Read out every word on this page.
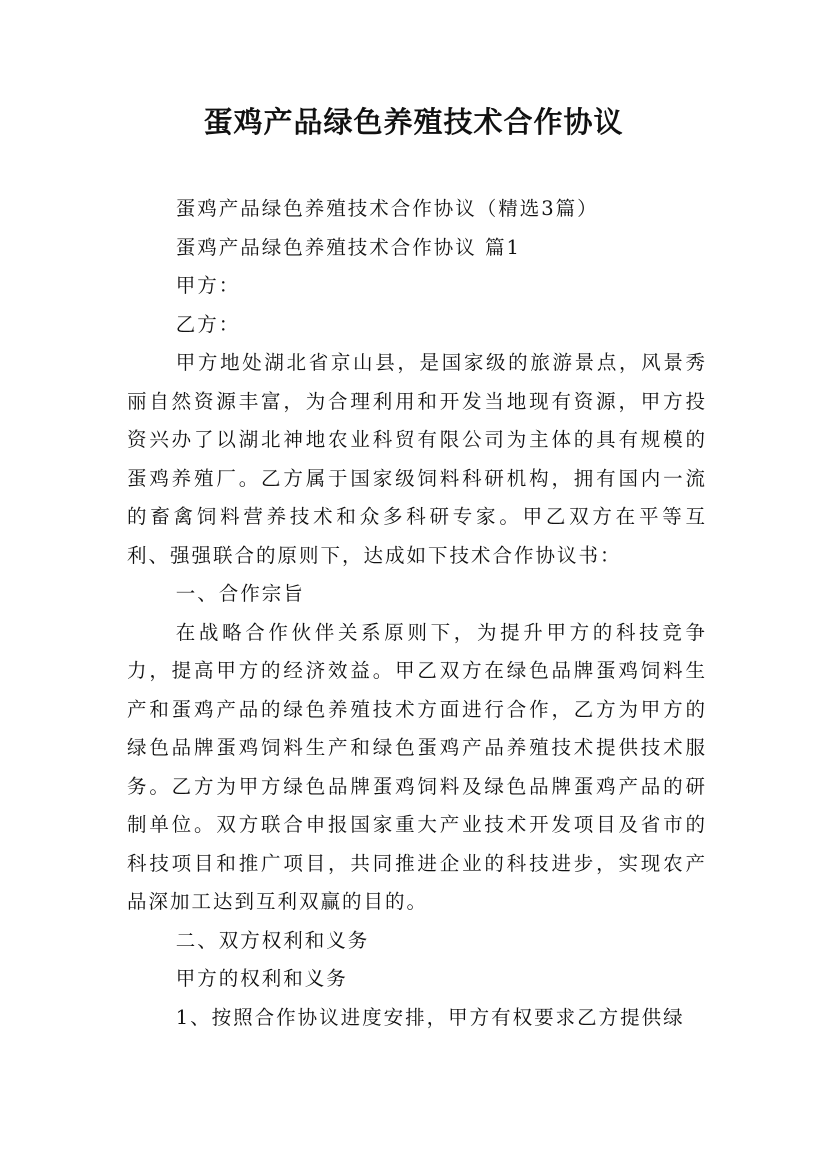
蛋鸡产品绿色养殖技术合作协议

蛋鸡产品绿色养殖技术合作协议（精选3篇）

蛋鸡产品绿色养殖技术合作协议 篇1

甲方：

乙方：

甲方地处湖北省京山县，是国家级的旅游景点，风景秀丽自然资源丰富，为合理利用和开发当地现有资源，甲方投资兴办了以湖北神地农业科贸有限公司为主体的具有规模的蛋鸡养殖厂。乙方属于国家级饲料科研机构，拥有国内一流的畜禽饲料营养技术和众多科研专家。甲乙双方在平等互利、强强联合的原则下，达成如下技术合作协议书：

一、合作宗旨

在战略合作伙伴关系原则下，为提升甲方的科技竞争力，提高甲方的经济效益。甲乙双方在绿色品牌蛋鸡饲料生产和蛋鸡产品的绿色养殖技术方面进行合作，乙方为甲方的绿色品牌蛋鸡饲料生产和绿色蛋鸡产品养殖技术提供技术服务。乙方为甲方绿色品牌蛋鸡饲料及绿色品牌蛋鸡产品的研制单位。双方联合申报国家重大产业技术开发项目及省市的科技项目和推广项目，共同推进企业的科技进步，实现农产品深加工达到互利双赢的目的。

二、双方权利和义务

甲方的权利和义务

1、按照合作协议进度安排，甲方有权要求乙方提供绿
